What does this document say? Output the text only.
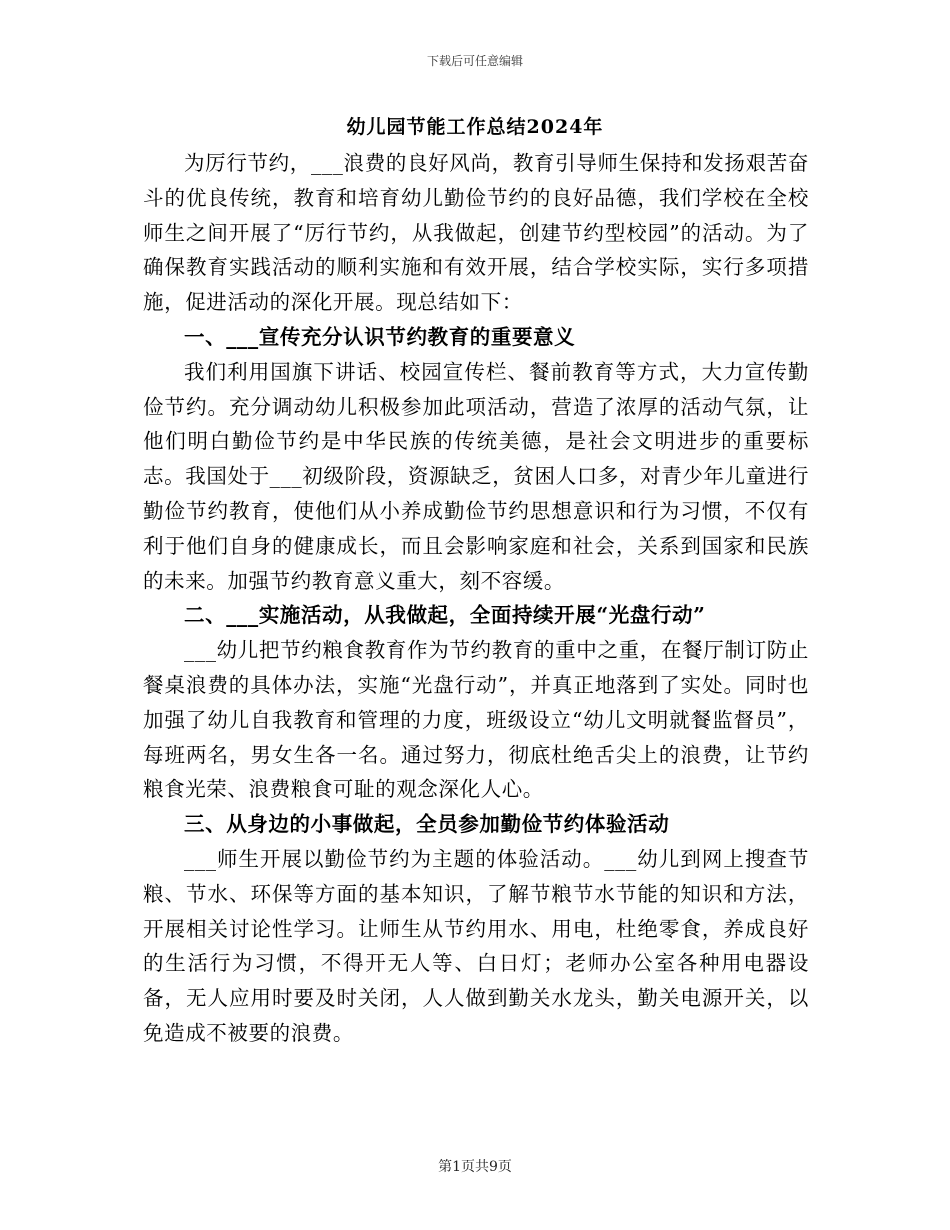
下载后可任意编辑
幼儿园节能工作总结2024年

为厉行节约，___浪费的良好风尚，教育引导师生保持和发扬艰苦奋斗的优良传统，教育和培育幼儿勤俭节约的良好品德，我们学校在全校师生之间开展了“厉行节约，从我做起，创建节约型校园”的活动。为了确保教育实践活动的顺利实施和有效开展，结合学校实际，实行多项措施，促进活动的深化开展。现总结如下：

一、___宣传充分认识节约教育的重要意义

我们利用国旗下讲话、校园宣传栏、餐前教育等方式，大力宣传勤俭节约。充分调动幼儿积极参加此项活动，营造了浓厚的活动气氛，让他们明白勤俭节约是中华民族的传统美德，是社会文明进步的重要标志。我国处于___初级阶段，资源缺乏，贫困人口多，对青少年儿童进行勤俭节约教育，使他们从小养成勤俭节约思想意识和行为习惯，不仅有利于他们自身的健康成长，而且会影响家庭和社会，关系到国家和民族的未来。加强节约教育意义重大，刻不容缓。

二、___实施活动，从我做起，全面持续开展“光盘行动”

___幼儿把节约粮食教育作为节约教育的重中之重，在餐厅制订防止餐桌浪费的具体办法，实施“光盘行动”，并真正地落到了实处。同时也加强了幼儿自我教育和管理的力度，班级设立“幼儿文明就餐监督员”，每班两名，男女生各一名。通过努力，彻底杜绝舌尖上的浪费，让节约粮食光荣、浪费粮食可耻的观念深化人心。

三、从身边的小事做起，全员参加勤俭节约体验活动

___师生开展以勤俭节约为主题的体验活动。___幼儿到网上搜查节粮、节水、环保等方面的基本知识，了解节粮节水节能的知识和方法，开展相关讨论性学习。让师生从节约用水、用电，杜绝零食，养成良好的生活行为习惯，不得开无人等、白日灯；老师办公室各种用电器设备，无人应用时要及时关闭，人人做到勤关水龙头，勤关电源开关，以免造成不被要的浪费。

第1页共9页
